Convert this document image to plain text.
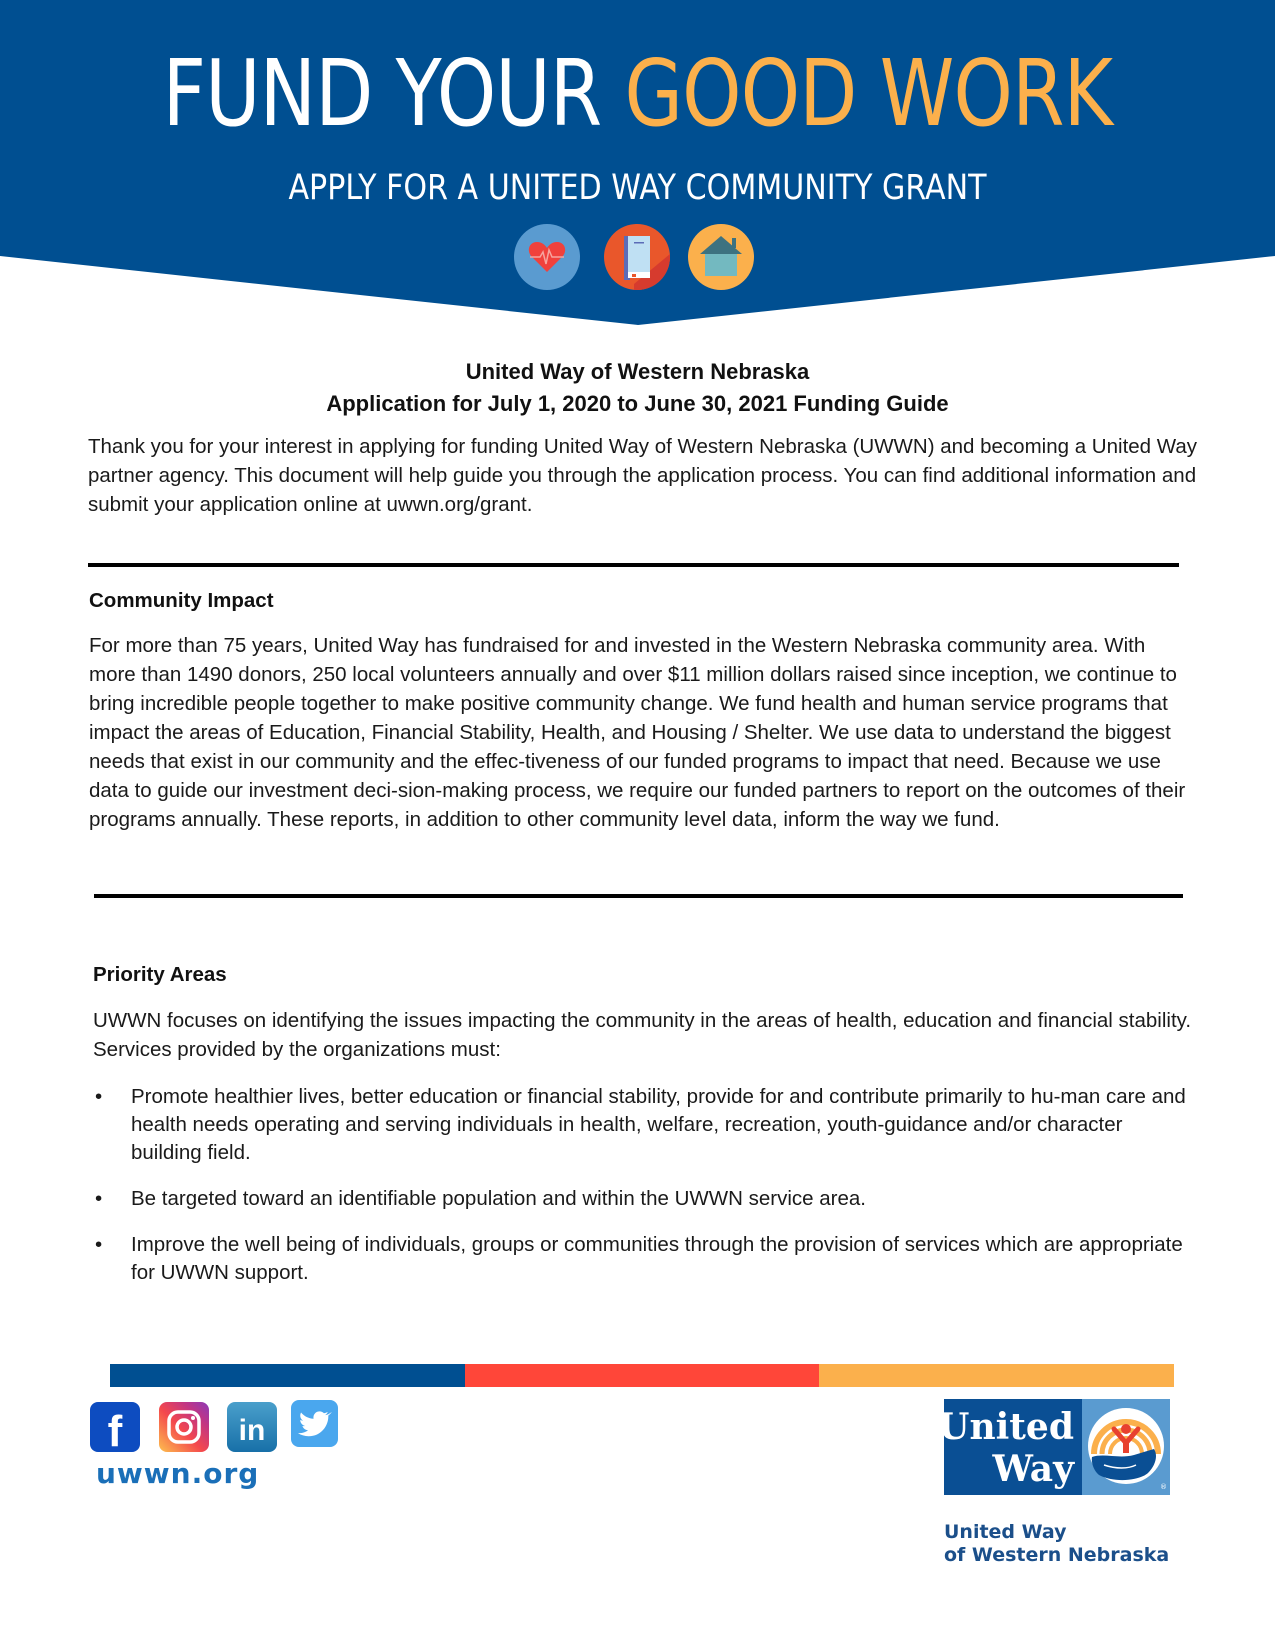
FUND YOUR GOOD WORK
APPLY FOR A UNITED WAY COMMUNITY GRANT
United Way of Western Nebraska
Application for July 1, 2020 to June 30, 2021 Funding Guide
Thank you for your interest in applying for funding United Way of Western Nebraska (UWWN) and becoming a United Way partner agency. This document will help guide you through the application process. You can find additional information and submit your application online at uwwn.org/grant.
Community Impact
For more than 75 years, United Way has fundraised for and invested in the Western Nebraska community area. With more than 1490 donors, 250 local volunteers annually and over $11 million dollars raised since inception, we continue to bring incredible people together to make positive community change. We fund health and human service programs that impact the areas of Education, Financial Stability, Health, and Housing / Shelter. We use data to understand the biggest needs that exist in our community and the effec-tiveness of our funded programs to impact that need. Because we use data to guide our investment deci-sion-making process, we require our funded partners to report on the outcomes of their programs annually. These reports, in addition to other community level data, inform the way we fund.
Priority Areas
UWWN focuses on identifying the issues impacting the community in the areas of health, education and financial stability. Services provided by the organizations must:
• Promote healthier lives, better education or financial stability, provide for and contribute primarily to hu-man care and health needs operating and serving individuals in health, welfare, recreation, youth-guidance and/or character building field.
• Be targeted toward an identifiable population and within the UWWN service area.
• Improve the well being of individuals, groups or communities through the provision of services which are appropriate for UWWN support.
f	in
uwwn.org
United
Way	®
United Way
of Western Nebraska
